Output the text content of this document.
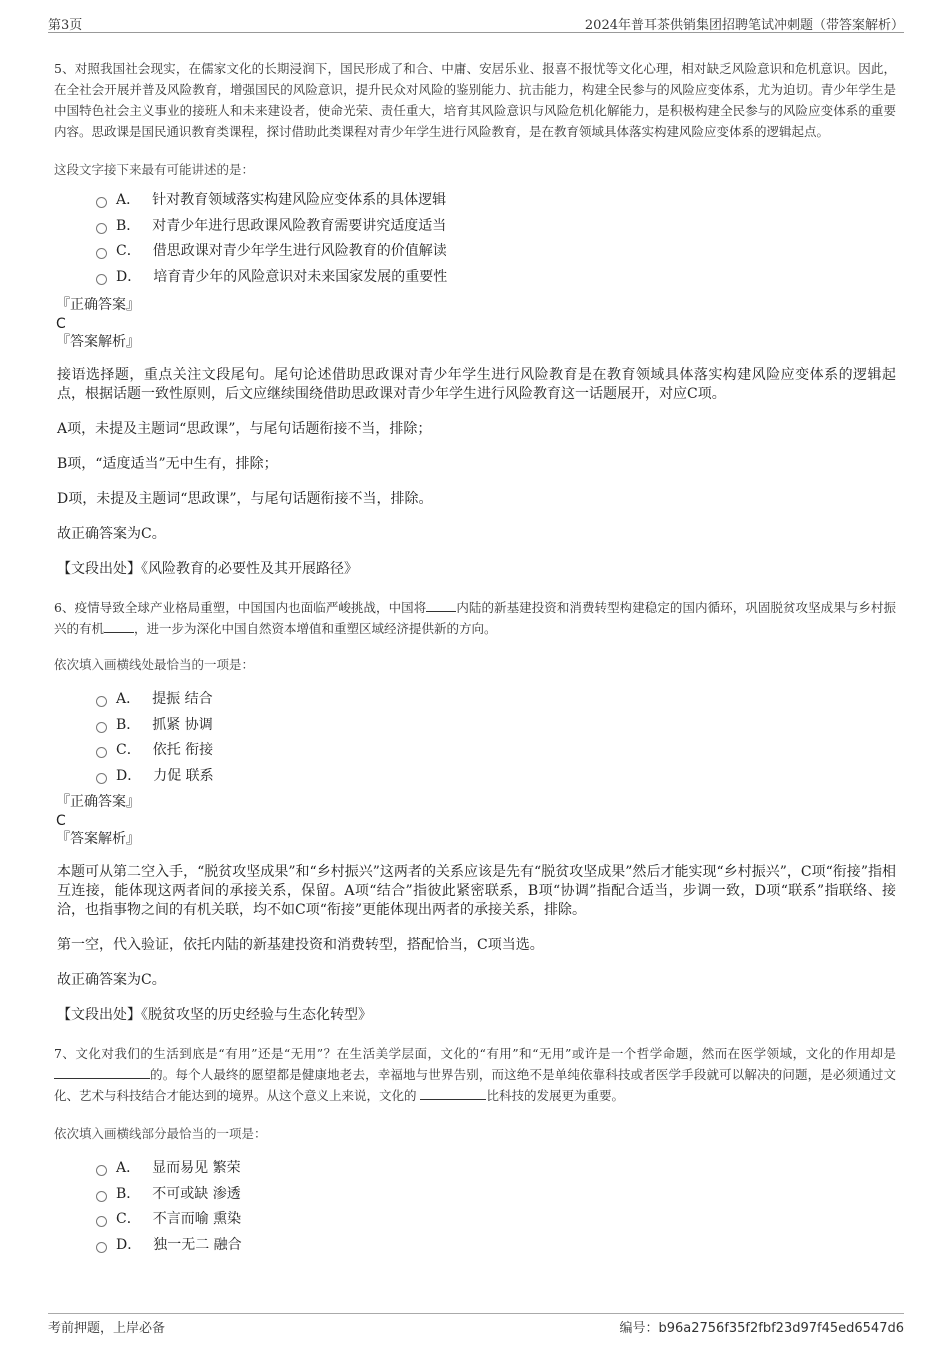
第3页	2024年普耳茶供销集团招聘笔试冲刺题（带答案解析）

5、对照我国社会现实，在儒家文化的长期浸润下，国民形成了和合、中庸、安居乐业、报喜不报忧等文化心理，相对缺乏风险意识和危机意识。因此，在全社会开展并普及风险教育，增强国民的风险意识，提升民众对风险的鉴别能力、抗击能力，构建全民参与的风险应变体系，尤为迫切。青少年学生是中国特色社会主义事业的接班人和未来建设者，使命光荣、责任重大，培育其风险意识与风险危机化解能力，是积极构建全民参与的风险应变体系的重要内容。思政课是国民通识教育类课程，探讨借助此类课程对青少年学生进行风险教育，是在教育领域具体落实构建风险应变体系的逻辑起点。

这段文字接下来最有可能讲述的是：

A． 针对教育领域落实构建风险应变体系的具体逻辑
B． 对青少年进行思政课风险教育需要讲究适度适当
C． 借思政课对青少年学生进行风险教育的价值解读
D． 培育青少年的风险意识对未来国家发展的重要性
『正确答案』
C
『答案解析』

接语选择题，重点关注文段尾句。尾句论述借助思政课对青少年学生进行风险教育是在教育领域具体落实构建风险应变体系的逻辑起点，根据话题一致性原则，后文应继续围绕借助思政课对青少年学生进行风险教育这一话题展开，对应C项。

A项，未提及主题词“思政课”，与尾句话题衔接不当，排除；

B项，“适度适当”无中生有，排除；

D项，未提及主题词“思政课”，与尾句话题衔接不当，排除。

故正确答案为C。

【文段出处】《风险教育的必要性及其开展路径》

6、疫情导致全球产业格局重塑，中国国内也面临严峻挑战，中国将 内陆的新基建投资和消费转型构建稳定的国内循环，巩固脱贫攻坚成果与乡村振兴的有机 ，进一步为深化中国自然资本增值和重塑区域经济提供新的方向。

依次填入画横线处最恰当的一项是：

A． 提振 结合
B． 抓紧 协调
C． 依托 衔接
D． 力促 联系
『正确答案』
C
『答案解析』

本题可从第二空入手，“脱贫攻坚成果”和“乡村振兴”这两者的关系应该是先有“脱贫攻坚成果”然后才能实现“乡村振兴”，C项“衔接”指相互连接，能体现这两者间的承接关系，保留。A项“结合”指彼此紧密联系，B项“协调”指配合适当，步调一致，D项“联系”指联络、接洽，也指事物之间的有机关联，均不如C项“衔接”更能体现出两者的承接关系，排除。

第一空，代入验证，依托内陆的新基建投资和消费转型，搭配恰当，C项当选。

故正确答案为C。

【文段出处】《脱贫攻坚的历史经验与生态化转型》

7、文化对我们的生活到底是“有用”还是“无用”？在生活美学层面，文化的“有用”和“无用”或许是一个哲学命题，然而在医学领域，文化的作用却是 的。每个人最终的愿望都是健康地老去，幸福地与世界告别，而这绝不是单纯依靠科技或者医学手段就可以解决的问题，是必须通过文化、艺术与科技结合才能达到的境界。从这个意义上来说，文化的	比科技的发展更为重要。

依次填入画横线部分最恰当的一项是：

A． 显而易见 繁荣
B． 不可或缺 渗透
C． 不言而喻 熏染
D． 独一无二 融合
考前押题，上岸必备	编号：b96a2756f35f2fbf23d97f45ed6547d6
